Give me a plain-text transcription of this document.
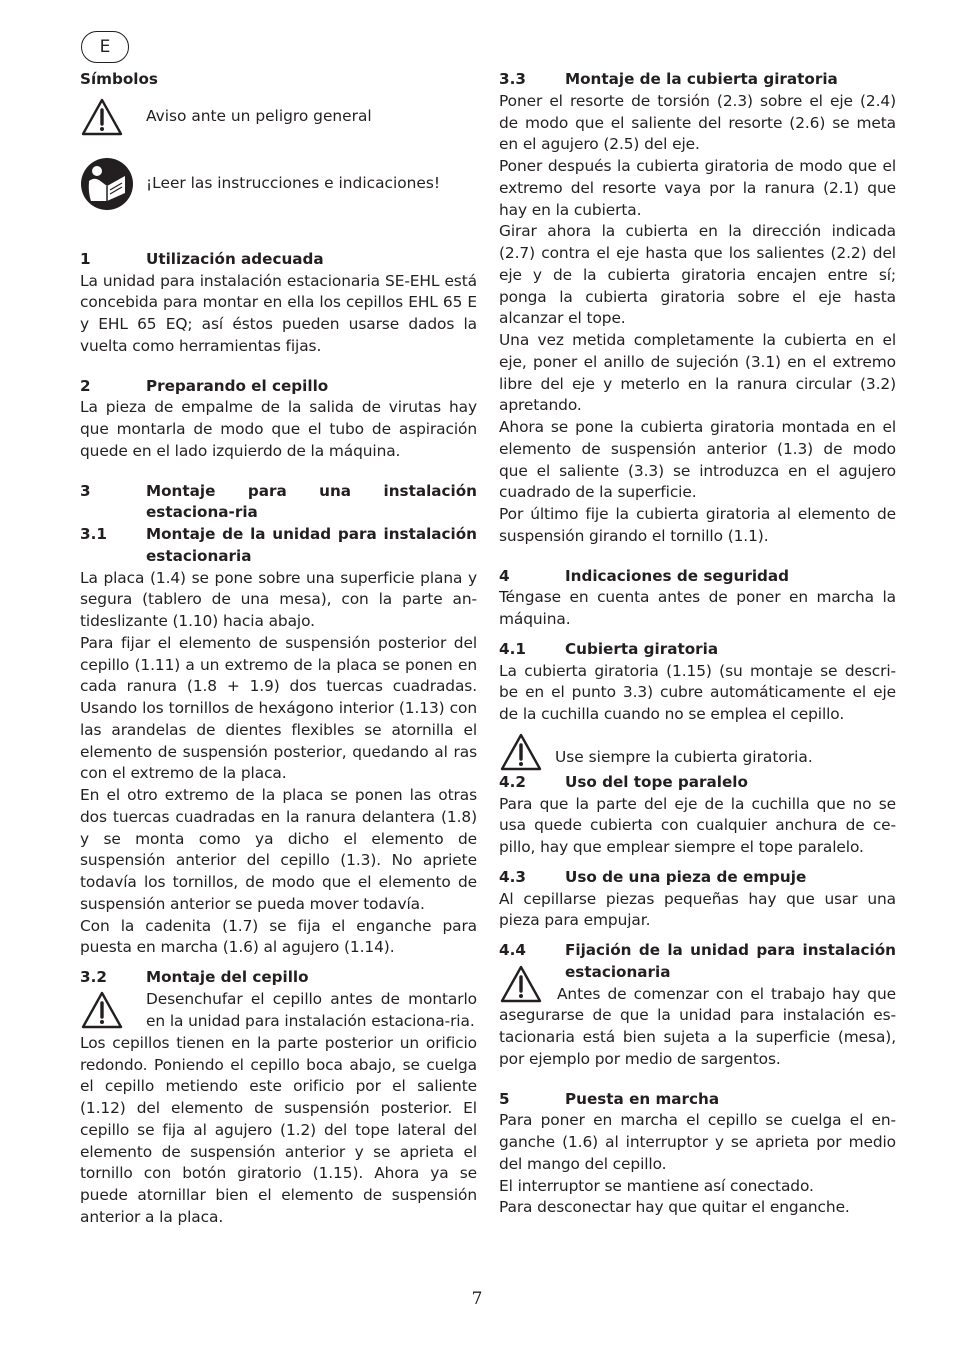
E
Símbolos
Aviso ante un peligro general
¡Leer las instrucciones e indicaciones!
1	Utilización adecuada

La unidad para instalación estacionaria SE-EHL está concebida para montar en ella los cepillos EHL 65 E y EHL 65 EQ; así éstos pueden usarse dados la vuelta como herramientas fijas.

2	Preparando el cepillo

La pieza de empalme de la salida de virutas hay que montarla de modo que el tubo de aspiración quede en el lado izquierdo de la máquina.

3	Montaje para una instalación estaciona-ria
3.1	Montaje de la unidad para instalación estacionaria

La placa (1.4) se pone sobre una superficie plana y segura (tablero de una mesa), con la parte an-tideslizante (1.10) hacia abajo.

Para fijar el elemento de suspensión posterior del cepillo (1.11) a un extremo de la placa se ponen en cada ranura (1.8 + 1.9) dos tuercas cuadradas. Usando los tornillos de hexágono interior (1.13) con las arandelas de dientes flexibles se atornilla el elemento de suspensión posterior, quedando al ras con el extremo de la placa.

En el otro extremo de la placa se ponen las otras dos tuercas cuadradas en la ranura delantera (1.8) y se monta como ya dicho el elemento de suspensión anterior del cepillo (1.3). No apriete todavía los tornillos, de modo que el elemento de suspensión anterior se pueda mover todavía.

Con la cadenita (1.7) se fija el enganche para puesta en marcha (1.6) al agujero (1.14).

3.2	Montaje del cepillo

Desenchufar el cepillo antes de montarlo en la unidad para instalación estaciona-ria.

Los cepillos tienen en la parte posterior un orificio redondo. Poniendo el cepillo boca abajo, se cuelga el cepillo metiendo este orificio por el saliente (1.12) del elemento de suspensión posterior. El cepillo se fija al agujero (1.2) del tope lateral del elemento de suspensión anterior y se aprieta el tornillo con botón giratorio (1.15). Ahora ya se puede atornillar bien el elemento de suspensión anterior a la placa.

3.3	Montaje de la cubierta giratoria

Poner el resorte de torsión (2.3) sobre el eje (2.4) de modo que el saliente del resorte (2.6) se meta en el agujero (2.5) del eje.

Poner después la cubierta giratoria de modo que el extremo del resorte vaya por la ranura (2.1) que hay en la cubierta.

Girar ahora la cubierta en la dirección indicada (2.7) contra el eje hasta que los salientes (2.2) del eje y de la cubierta giratoria encajen entre sí; ponga la cubierta giratoria sobre el eje hasta alcanzar el tope.

Una vez metida completamente la cubierta en el eje, poner el anillo de sujeción (3.1) en el extremo libre del eje y meterlo en la ranura circular (3.2) apretando.

Ahora se pone la cubierta giratoria montada en el elemento de suspensión anterior (1.3) de modo que el saliente (3.3) se introduzca en el agujero cuadrado de la superficie.

Por último fije la cubierta giratoria al elemento de suspensión girando el tornillo (1.1).

4	Indicaciones de seguridad

Téngase en cuenta antes de poner en marcha la máquina.

4.1	Cubierta giratoria

La cubierta giratoria (1.15) (su montaje se descri-be en el punto 3.3) cubre automáticamente el eje de la cuchilla cuando no se emplea el cepillo.

Use siempre la cubierta giratoria.
4.2	Uso del tope paralelo

Para que la parte del eje de la cuchilla que no se usa quede cubierta con cualquier anchura de ce-pillo, hay que emplear siempre el tope paralelo.

4.3	Uso de una pieza de empuje

Al cepillarse piezas pequeñas hay que usar una pieza para empujar.

4.4	Fijación de la unidad para instalación estacionaria

Antes de comenzar con el trabajo hay que asegurarse de que la unidad para instalación es-tacionaria está bien sujeta a la superficie (mesa), por ejemplo por medio de sargentos.

5	Puesta en marcha

Para poner en marcha el cepillo se cuelga el en-ganche (1.6) al interruptor y se aprieta por medio del mango del cepillo.

El interruptor se mantiene así conectado.

Para desconectar hay que quitar el enganche.

7
